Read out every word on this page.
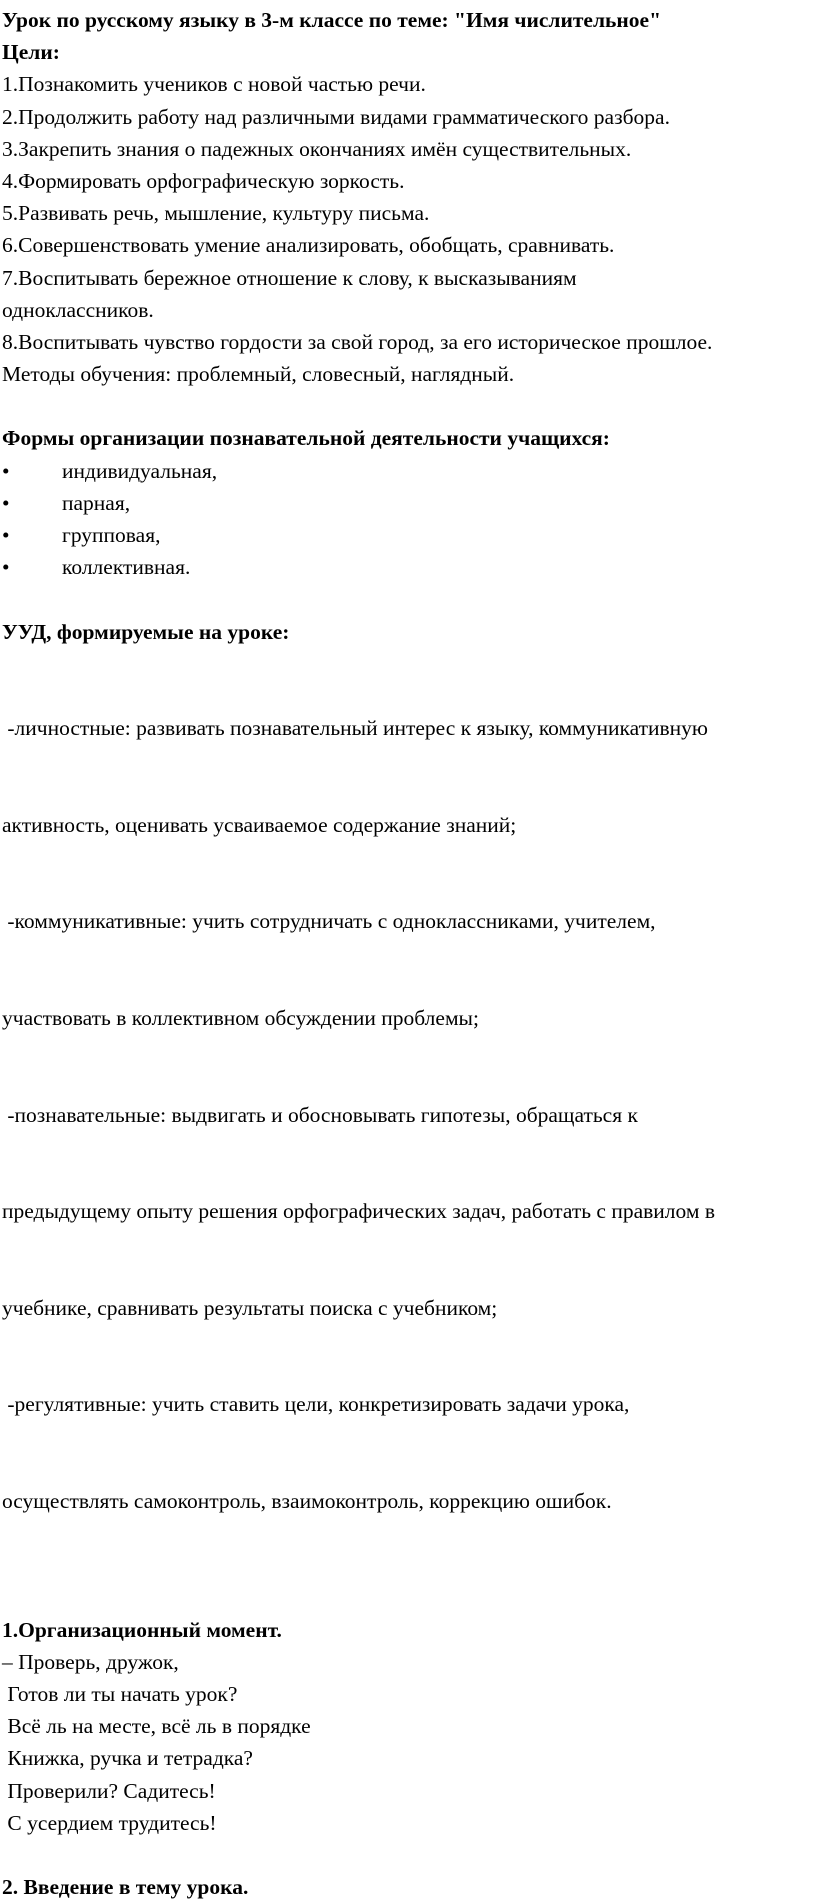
Урок по русскому языку в 3-м классе по теме: "Имя числительное"
Цели:
1.Познакомить учеников с новой частью речи.
2.Продолжить работу над различными видами грамматического разбора.
3.Закрепить знания о падежных окончаниях имён существительных.
4.Формировать орфографическую зоркость.
5.Развивать речь, мышление, культуру письма.
6.Совершенствовать умение анализировать, обобщать, сравнивать.
7.Воспитывать бережное отношение к слову, к высказываниям
одноклассников.
8.Воспитывать чувство гордости за свой город, за его историческое прошлое.
Методы обучения: проблемный, словесный, наглядный.
Формы организации познавательной деятельности учащихся:
•	индивидуальная,
•	парная,
•	групповая,
•	коллективная.
УУД, формируемые на уроке:

-личностные: развивать познавательный интерес к языку, коммуникативную

активность, оценивать усваиваемое содержание знаний;

-коммуникативные: учить сотрудничать с одноклассниками, учителем,

участвовать в коллективном обсуждении проблемы;

-познавательные: выдвигать и обосновывать гипотезы, обращаться к

предыдущему опыту решения орфографических задач, работать с правилом в

учебнике, сравнивать результаты поиска с учебником;

-регулятивные: учить ставить цели, конкретизировать задачи урока,

осуществлять самоконтроль, взаимоконтроль, коррекцию ошибок.

1.Организационный момент.
– Проверь, дружок,
Готов ли ты начать урок?
Всё ль на месте, всё ль в порядке
Книжка, ручка и тетрадка?
Проверили? Садитесь!
С усердием трудитесь!
2. Введение в тему урока.
